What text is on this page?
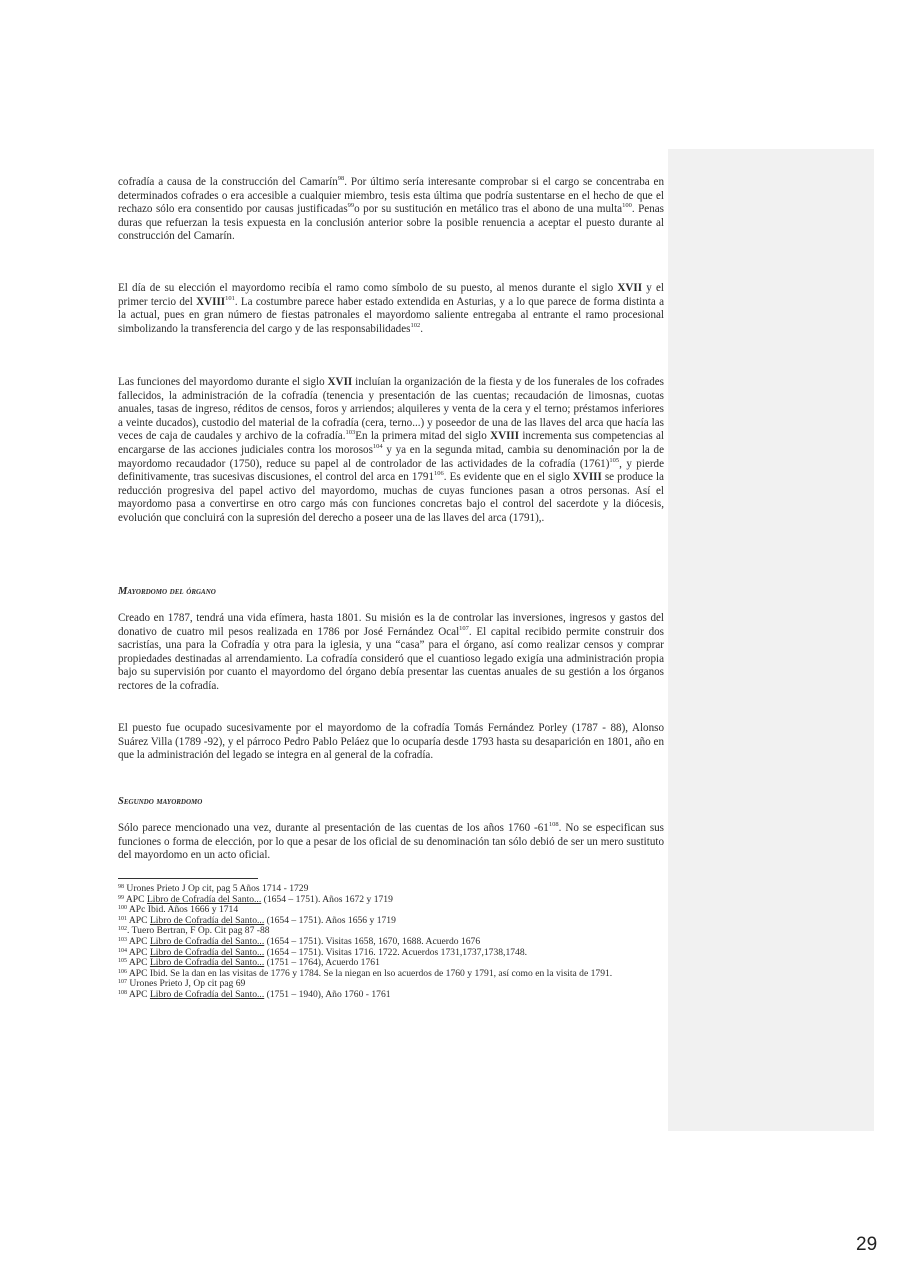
cofradía a causa de la construcción del Camarín$^{98}$. Por último sería interesante comprobar si el cargo se concentraba en determinados cofrades o era accesible a cualquier miembro, tesis esta última que podría sustentarse en el hecho de que el rechazo sólo era consentido por causas justificadas$^{99}$o por su sustitución en metálico tras el abono de una multa$^{100}$. Penas duras que refuerzan la tesis expuesta en la conclusión anterior sobre la posible renuencia a aceptar el puesto durante al construcción del Camarín.

El día de su elección el mayordomo recibía el ramo como símbolo de su puesto, al menos durante el siglo XVII y el primer tercio del XVIII$^{101}$. La costumbre parece haber estado extendida en Asturias, y a lo que parece de forma distinta a la actual, pues en gran número de fiestas patronales el mayordomo saliente entregaba al entrante el ramo procesional simbolizando la transferencia del cargo y de las responsabilidades$^{102}$.

Las funciones del mayordomo durante el siglo XVII incluían la organización de la fiesta y de los funerales de los cofrades fallecidos, la administración de la cofradía (tenencia y presentación de las cuentas; recaudación de limosnas, cuotas anuales, tasas de ingreso, réditos de censos, foros y arriendos; alquileres y venta de la cera y el terno; préstamos inferiores a veinte ducados), custodio del material de la cofradía (cera, terno...) y poseedor de una de las llaves del arca que hacía las veces de caja de caudales y archivo de la cofradía.$^{103}$En la primera mitad del siglo XVIII incrementa sus competencias al encargarse de las acciones judiciales contra los morosos$^{104}$ y ya en la segunda mitad, cambia su denominación por la de mayordomo recaudador (1750), reduce su papel al de controlador de las actividades de la cofradía $(1761)^{105}$, y pierde definitivamente, tras sucesivas discusiones, el control del arca en 1791$^{106}$. Es evidente que en el siglo XVIII se produce la reducción progresiva del papel activo del mayordomo, muchas de cuyas funciones pasan a otros personas. Así el mayordomo pasa a convertirse en otro cargo más con funciones concretas bajo el control del sacerdote y la diócesis, evolución que concluirá con la supresión del derecho a poseer una de las llaves del arca (1791),.

Mayordomo del órgano

Creado en 1787, tendrá una vida efímera, hasta 1801. Su misión es la de controlar las inversiones, ingresos y gastos del donativo de cuatro mil pesos realizada en 1786 por José Fernández Ocal$^{107}$. El capital recibido permite construir dos sacristías, una para la Cofradía y otra para la iglesia, y una “casa” para el órgano, así como realizar censos y comprar propiedades destinadas al arrendamiento. La cofradía consideró que el cuantioso legado exigía una administración propia bajo su supervisión por cuanto el mayordomo del órgano debía presentar las cuentas anuales de su gestión a los órganos rectores de la cofradía.

El puesto fue ocupado sucesivamente por el mayordomo de la cofradía Tomás Fernández Porley (1787 - 88), Alonso Suárez Villa (1789 -92), y el párroco Pedro Pablo Peláez que lo ocuparía desde 1793 hasta su desaparición en 1801, año en que la administración del legado se integra en al general de la cofradía.

Segundo mayordomo

Sólo parece mencionado una vez, durante al presentación de las cuentas de los años 1760 $-61^{108}$. No se especifican sus funciones o forma de elección, por lo que a pesar de los oficial de su denominación tan sólo debió de ser un mero sustituto del mayordomo en un acto oficial.

$^{98}$ Urones Prieto J Op cit, pag 5 Años 1714 - 1729
$^{99}$ APC Libro de Cofradía del Santo... (1654 – 1751). Años 1672 y 1719
$^{100}$ APc Ibid. Años 1666 y 1714
$^{101}$ APC Libro de Cofradía del Santo... (1654 – 1751). Años 1656 y 1719
$^{102}$. Tuero Bertran, F Op. Cit pag 87 -88
$^{103}$ APC Libro de Cofradía del Santo... (1654 – 1751). Visitas 1658, 1670, 1688. Acuerdo 1676
$^{104}$ APC Libro de Cofradía del Santo... (1654 – 1751). Visitas 1716. 1722. Acuerdos 1731,1737,1738,1748.
$^{105}$ APC Libro de Cofradía del Santo... (1751 – 1764), Acuerdo 1761
$^{106}$ APC Ibid. Se la dan en las visitas de 1776 y 1784. Se la niegan en lso acuerdos de 1760 y 1791, así como en la visita de 1791.
$^{107}$ Urones Prieto J, Op cit pag 69
$^{108}$ APC Libro de Cofradía del Santo... (1751 – 1940), Año 1760 - 1761
29
